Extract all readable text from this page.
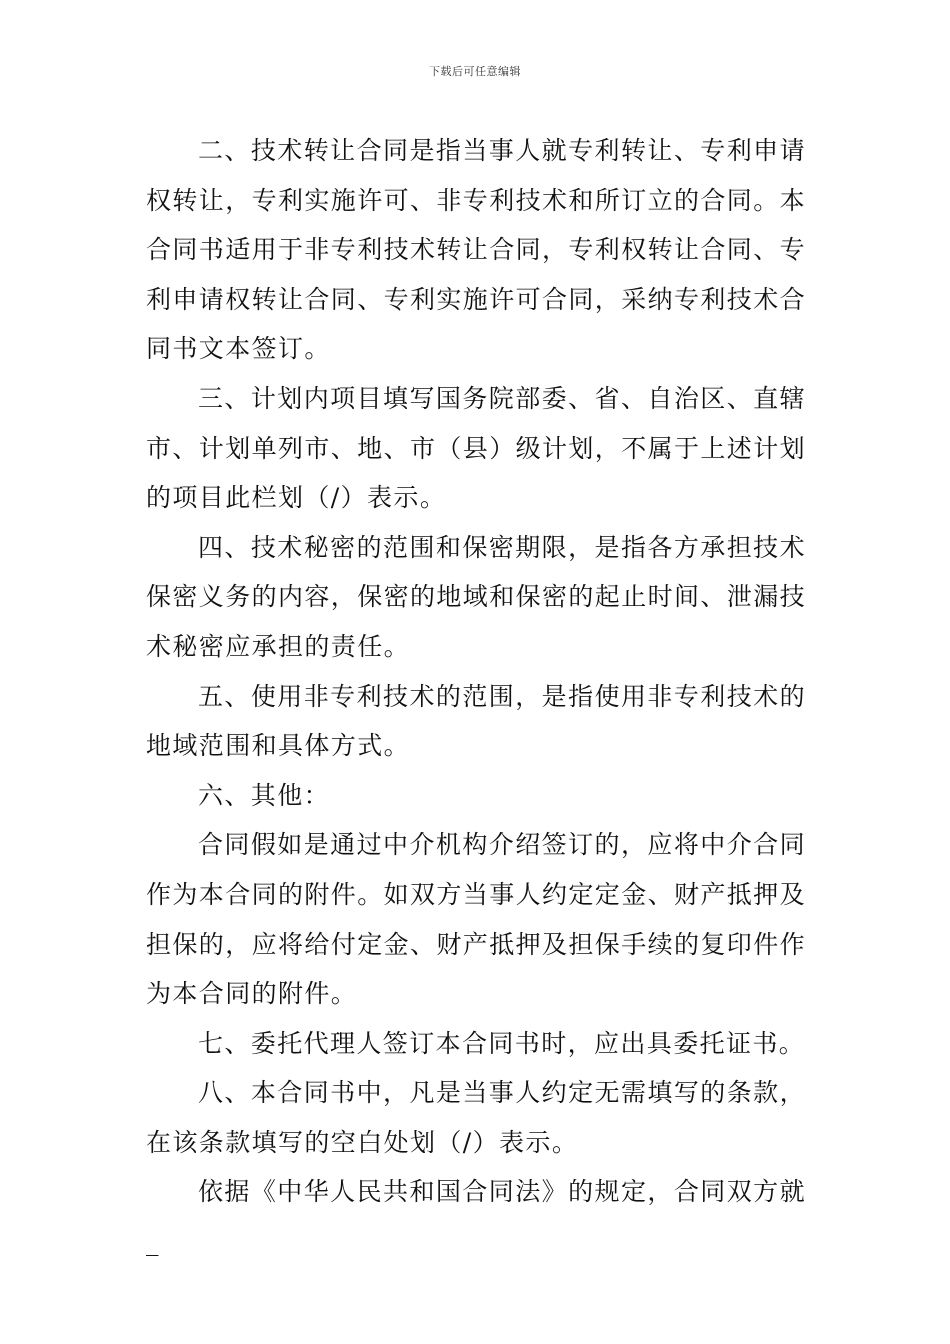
下载后可任意编辑

二、技术转让合同是指当事人就专利转让、专利申请权转让，专利实施许可、非专利技术和所订立的合同。本合同书适用于非专利技术转让合同，专利权转让合同、专利申请权转让合同、专利实施许可合同，采纳专利技术合同书文本签订。

三、计划内项目填写国务院部委、省、自治区、直辖市、计划单列市、地、市（县）级计划，不属于上述计划的项目此栏划（/）表示。

四、技术秘密的范围和保密期限，是指各方承担技术保密义务的内容，保密的地域和保密的起止时间、泄漏技术秘密应承担的责任。

五、使用非专利技术的范围，是指使用非专利技术的地域范围和具体方式。

六、其他：

合同假如是通过中介机构介绍签订的，应将中介合同作为本合同的附件。如双方当事人约定定金、财产抵押及担保的，应将给付定金、财产抵押及担保手续的复印件作为本合同的附件。

七、委托代理人签订本合同书时，应出具委托证书。

八、本合同书中，凡是当事人约定无需填写的条款，在该条款填写的空白处划（/）表示。

依据《中华人民共和国合同法》的规定，合同双方就_
